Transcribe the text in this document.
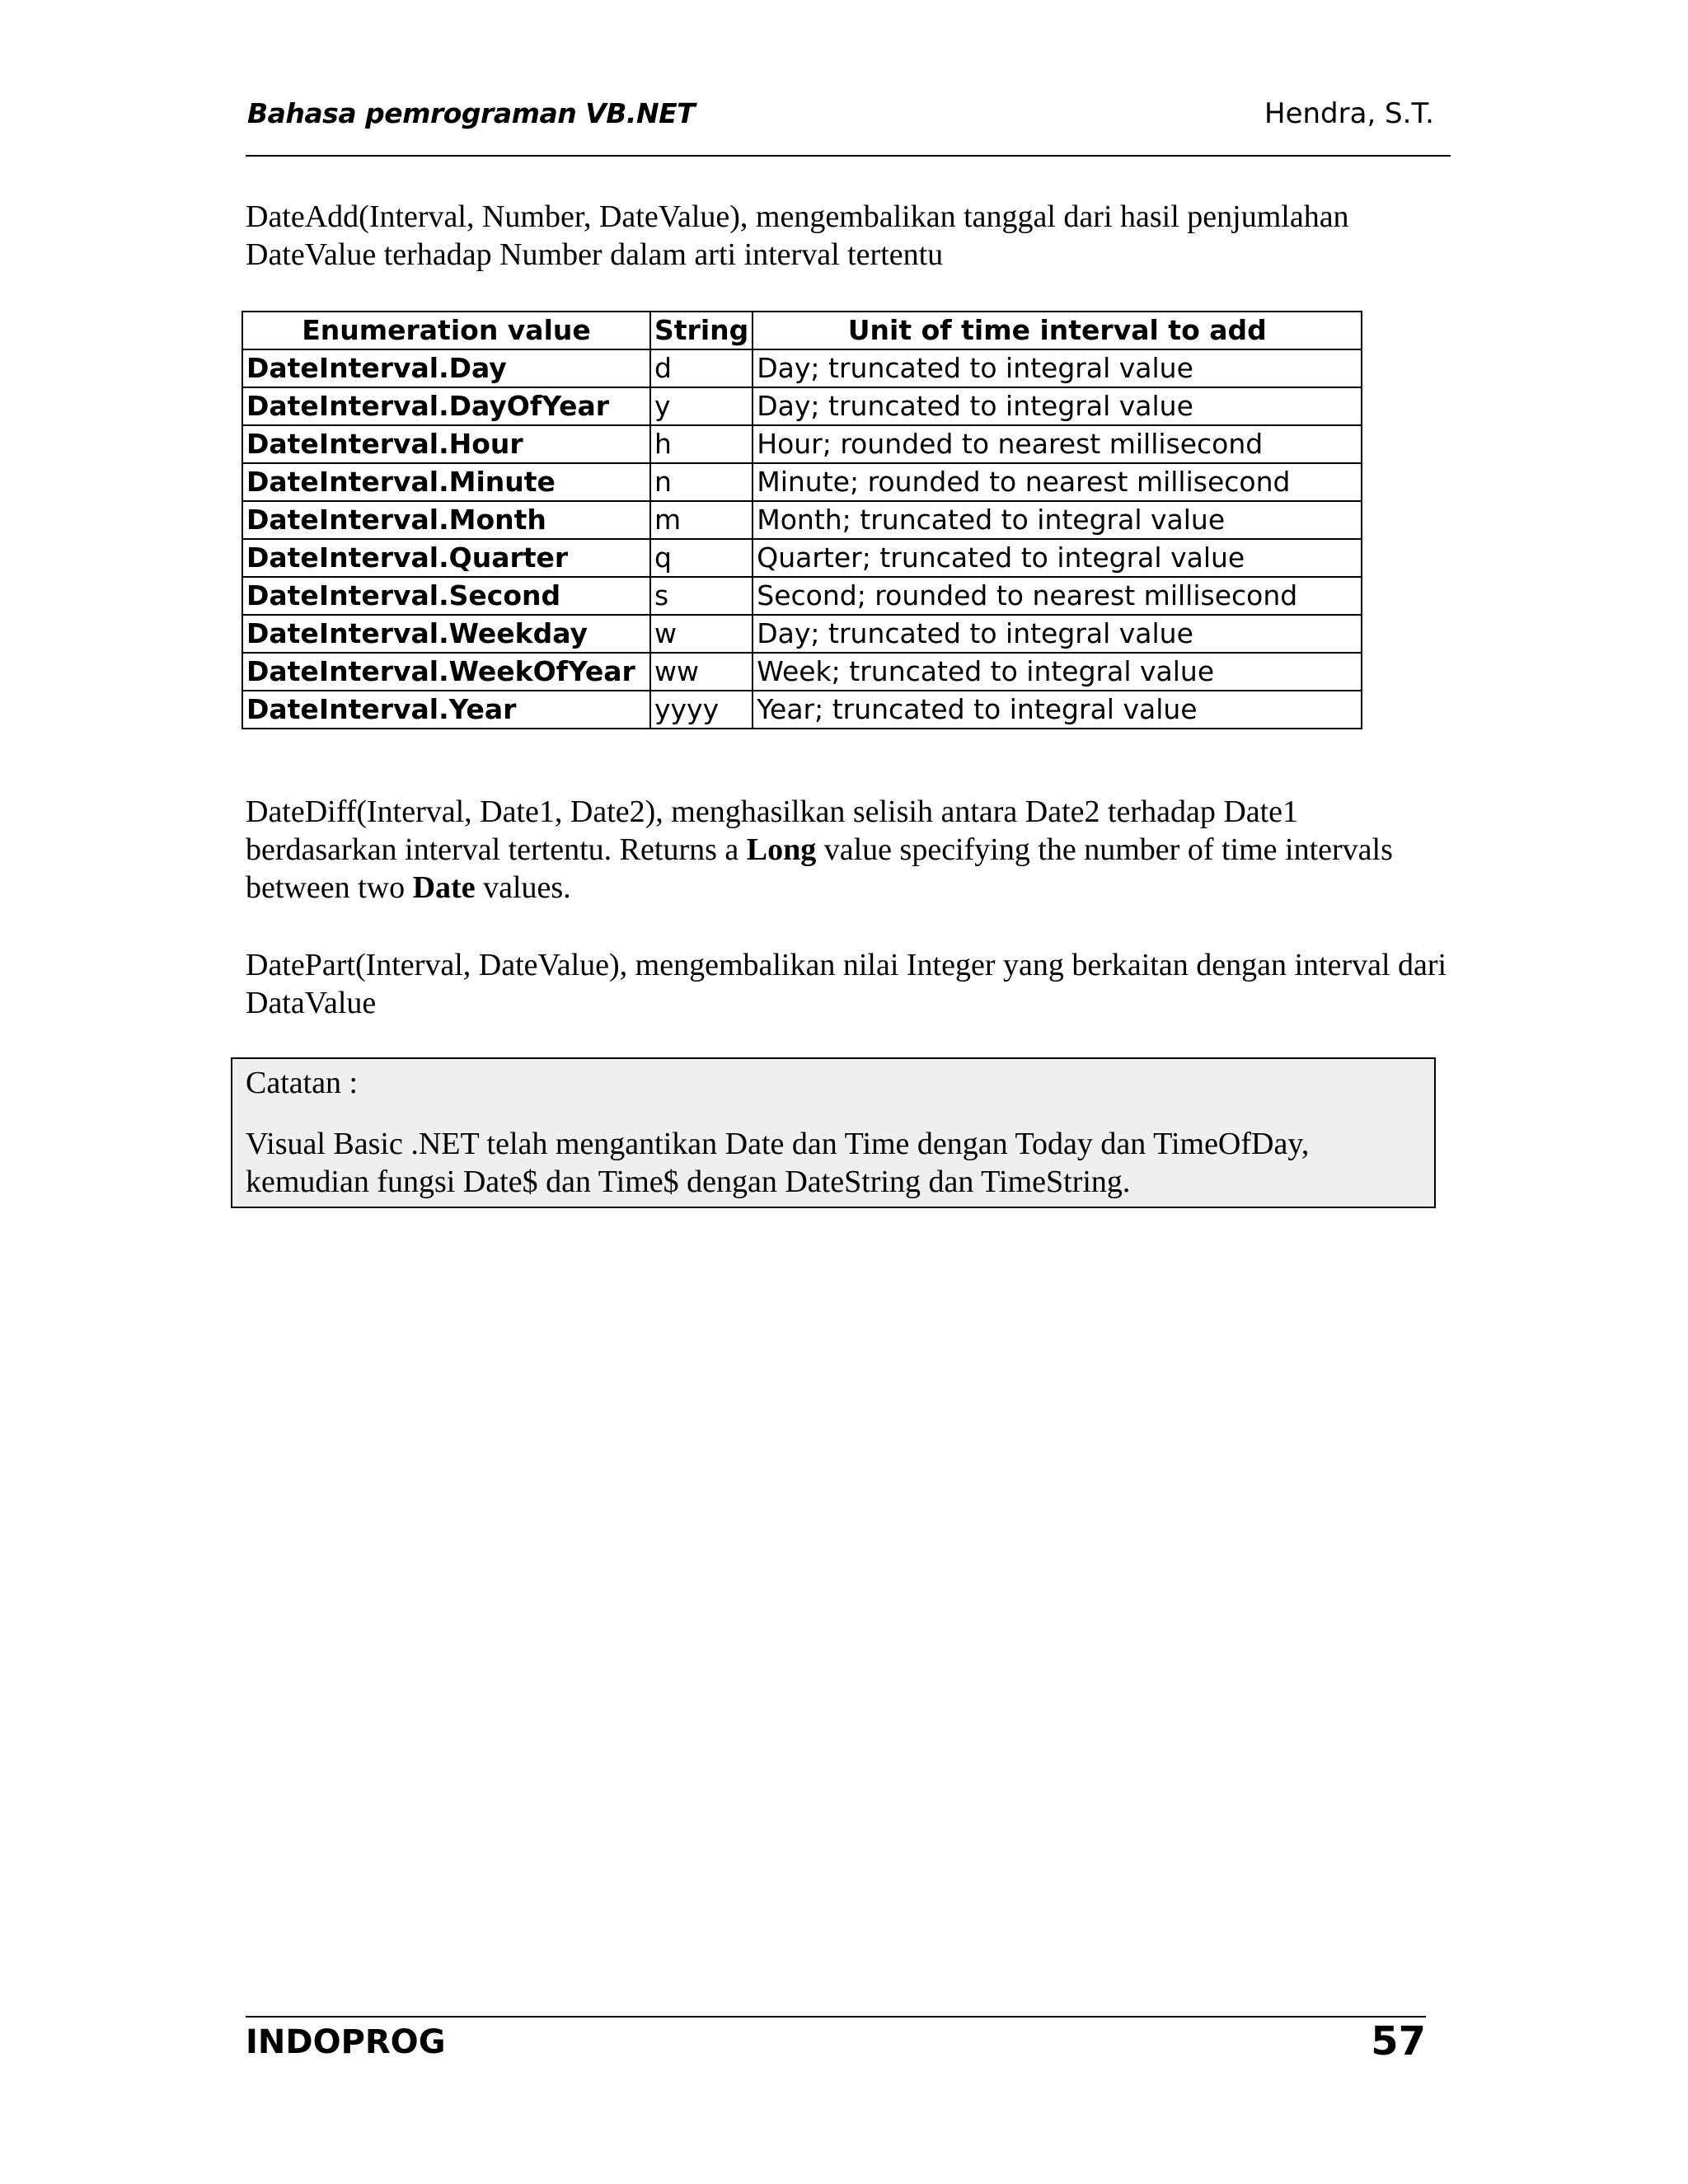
Bahasa pemrograman VB.NET	Hendra, S.T.
DateAdd(Interval, Number, DateValue), mengembalikan tanggal dari hasil penjumlahan DateValue terhadap Number dalam arti interval tertentu
Enumeration value	String	Unit of time interval to add
DateInterval.Day	d	Day; truncated to integral value
DateInterval.DayOfYear	y	Day; truncated to integral value
DateInterval.Hour	h	Hour; rounded to nearest millisecond
DateInterval.Minute	n	Minute; rounded to nearest millisecond
DateInterval.Month	m	Month; truncated to integral value
DateInterval.Quarter	q	Quarter; truncated to integral value
DateInterval.Second	s	Second; rounded to nearest millisecond
DateInterval.Weekday	w	Day; truncated to integral value
DateInterval.WeekOfYear	ww	Week; truncated to integral value
DateInterval.Year	yyyy	Year; truncated to integral value
DateDiff(Interval, Date1, Date2), menghasilkan selisih antara Date2 terhadap Date1 berdasarkan interval tertentu. Returns a Long value specifying the number of time intervals between two Date values.
DatePart(Interval, DateValue), mengembalikan nilai Integer yang berkaitan dengan interval dari DataValue
Catatan :
Visual Basic .NET telah mengantikan Date dan Time dengan Today dan TimeOfDay, kemudian fungsi Date$ dan Time$ dengan DateString dan TimeString.
INDOPROG	57
